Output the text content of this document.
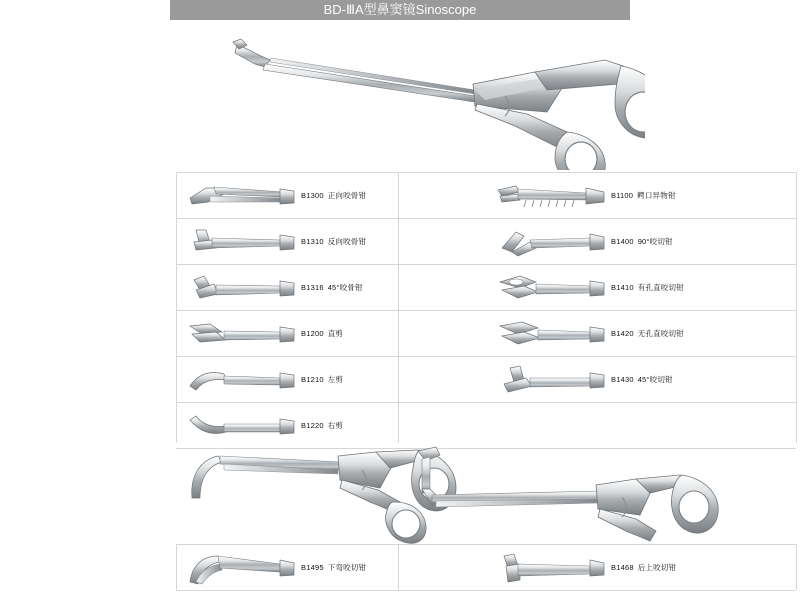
BD-ⅢA型鼻窦镜Sinoscope
B1300 正向咬骨钳	B1100 鳄口异物钳
B1310 反向咬骨钳	B1400 90°咬切钳
B1316 45°咬骨钳	B1410 有孔直咬切钳
B1200 直剪	B1420 无孔直咬切钳
B1210 左剪	B1430 45°咬切钳
B1220 右剪
B1495 下弯咬切钳	B1468 后上咬切钳
